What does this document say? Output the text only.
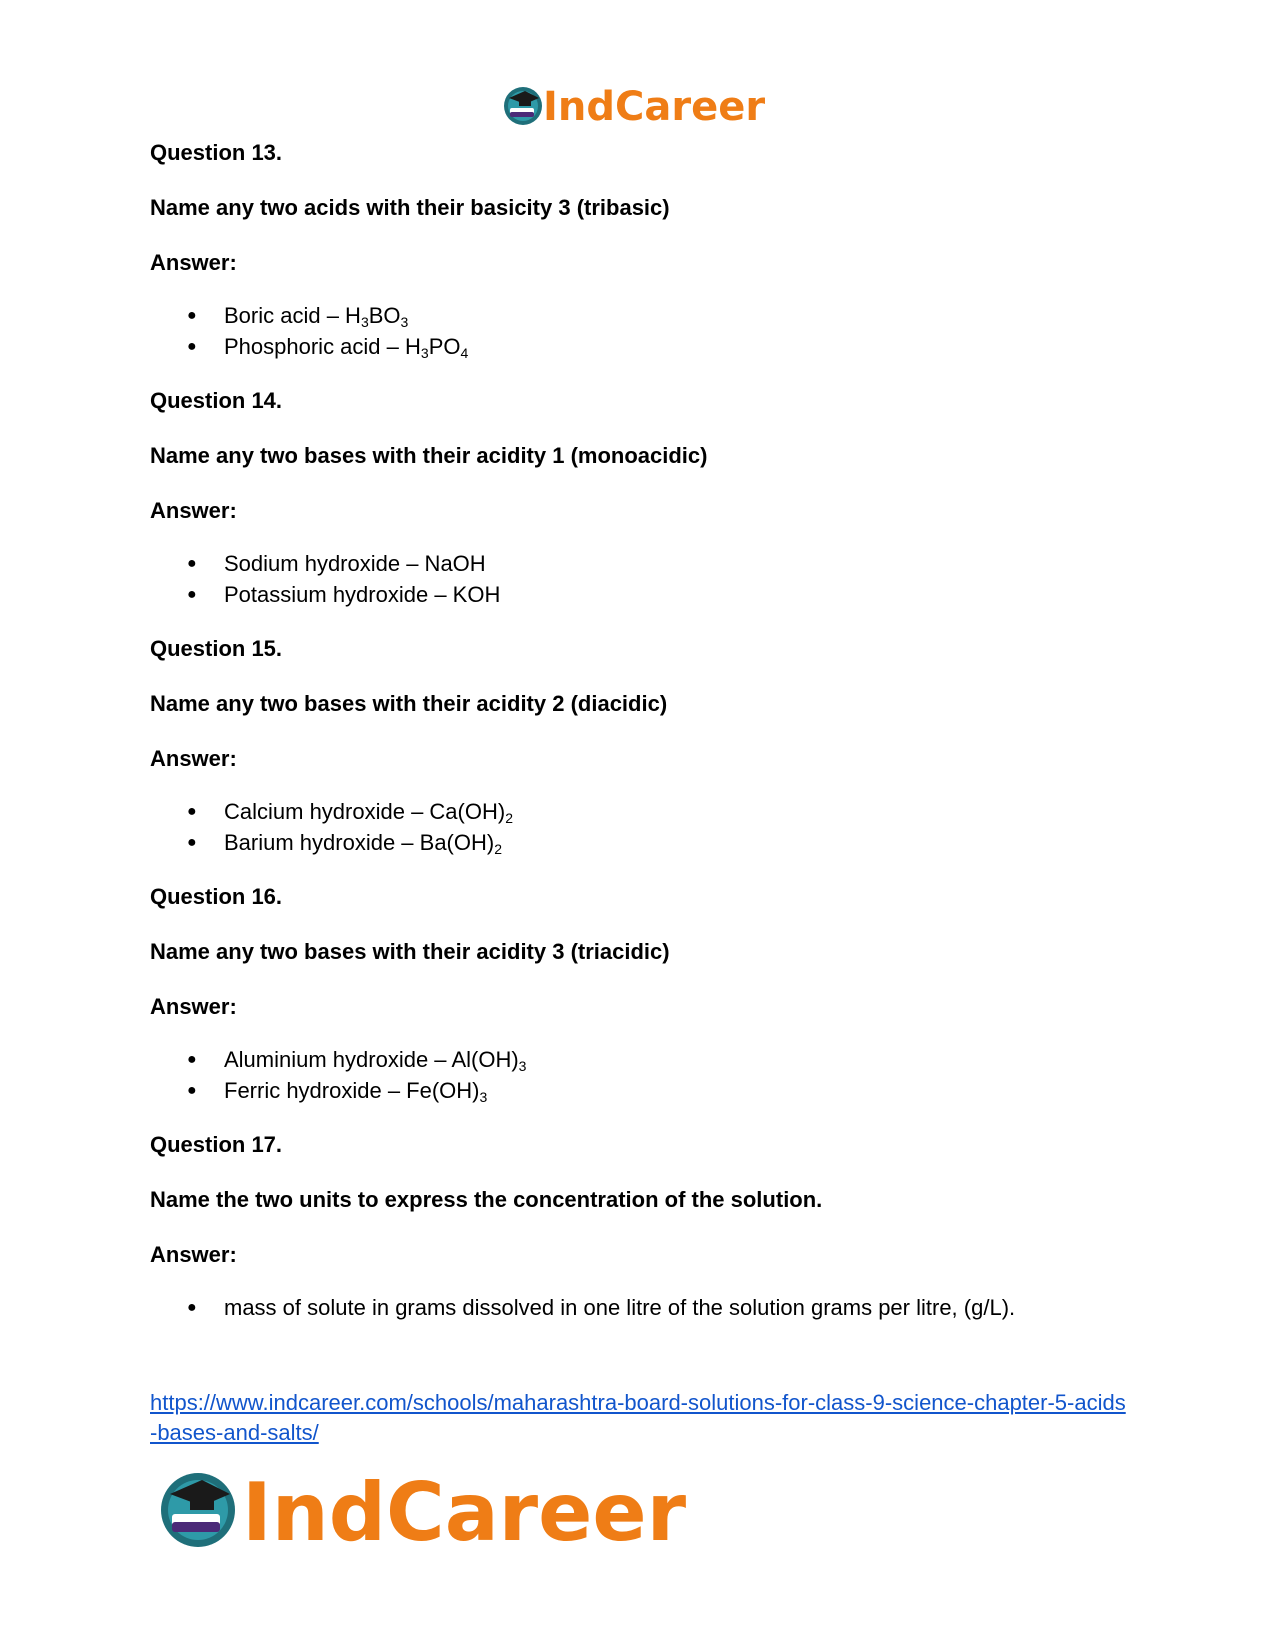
IndCareer

Question 13.

Name any two acids with their basicity 3 (tribasic)

Answer:

● Boric acid – $H_3BO_3$
● Phosphoric acid – $H_3PO_4$

Question 14.

Name any two bases with their acidity 1 (monoacidic)

Answer:

● Sodium hydroxide – NaOH
● Potassium hydroxide – KOH

Question 15.

Name any two bases with their acidity 2 (diacidic)

Answer:

● Calcium hydroxide – $Ca(OH)_2$
● Barium hydroxide – $Ba(OH)_2$

Question 16.

Name any two bases with their acidity 3 (triacidic)

Answer:

● Aluminium hydroxide – $Al(OH)_3$
● Ferric hydroxide – $Fe(OH)_3$

Question 17.

Name the two units to express the concentration of the solution.

Answer:

● mass of solute in grams dissolved in one litre of the solution grams per litre, (g/L).
https://www.indcareer.com/schools/maharashtra-board-solutions-for-class-9-science-chapter-5-acids-bases-and-salts/
IndCareer
